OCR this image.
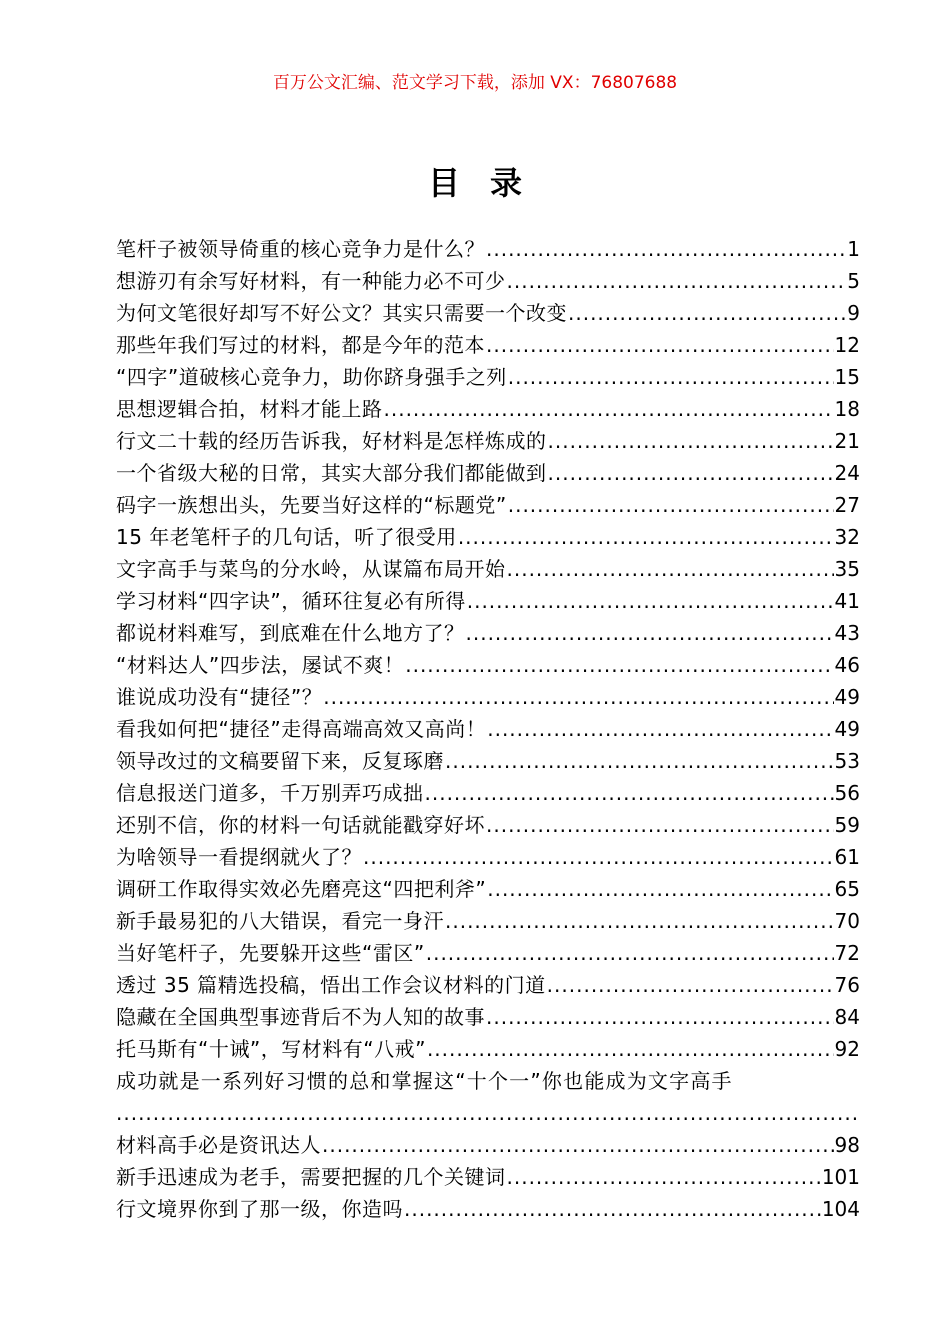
百万公文汇编、范文学习下载，添加 VX：76807688
目录
笔杆子被领导倚重的核心竞争力是什么？ .....	1
想游刃有余写好材料，有一种能力必不可少 .....	5
为何文笔很好却写不好公文？其实只需要一个改变 .....	9
那些年我们写过的材料，都是今年的范本 .....	12
“四字”道破核心竞争力，助你跻身强手之列 .....	15
思想逻辑合拍，材料才能上路 .....	18
行文二十载的经历告诉我，好材料是怎样炼成的 .....	21
一个省级大秘的日常，其实大部分我们都能做到 .....	24
码字一族想出头，先要当好这样的“标题党” .....	27
15 年老笔杆子的几句话，听了很受用 .....	32
文字高手与菜鸟的分水岭，从谋篇布局开始 .....	35
学习材料“四字诀”，循环往复必有所得 .....	41
都说材料难写，到底难在什么地方了？ .....	43
“材料达人”四步法，屡试不爽！ .....	46
谁说成功没有“捷径”？ .....	49
看我如何把“捷径”走得高端高效又高尚！ .....	49
领导改过的文稿要留下来，反复琢磨 .....	53
信息报送门道多，千万别弄巧成拙 .....	56
还别不信，你的材料一句话就能戳穿好坏 .....	59
为啥领导一看提纲就火了？ .....	61
调研工作取得实效必先磨亮这“四把利斧” .....	65
新手最易犯的八大错误，看完一身汗 .....	70
当好笔杆子，先要躲开这些“雷区” .....	72
透过 35 篇精选投稿，悟出工作会议材料的门道 .....	76
隐藏在全国典型事迹背后不为人知的故事 .....	84
托马斯有“十诫”，写材料有“八戒” .....	92
成功就是一系列好习惯的总和掌握这“十个一”你也能成为文字高手
.....
材料高手必是资讯达人 .....	98
新手迅速成为老手，需要把握的几个关键词 .....	101
行文境界你到了那一级，你造吗 .....	104
